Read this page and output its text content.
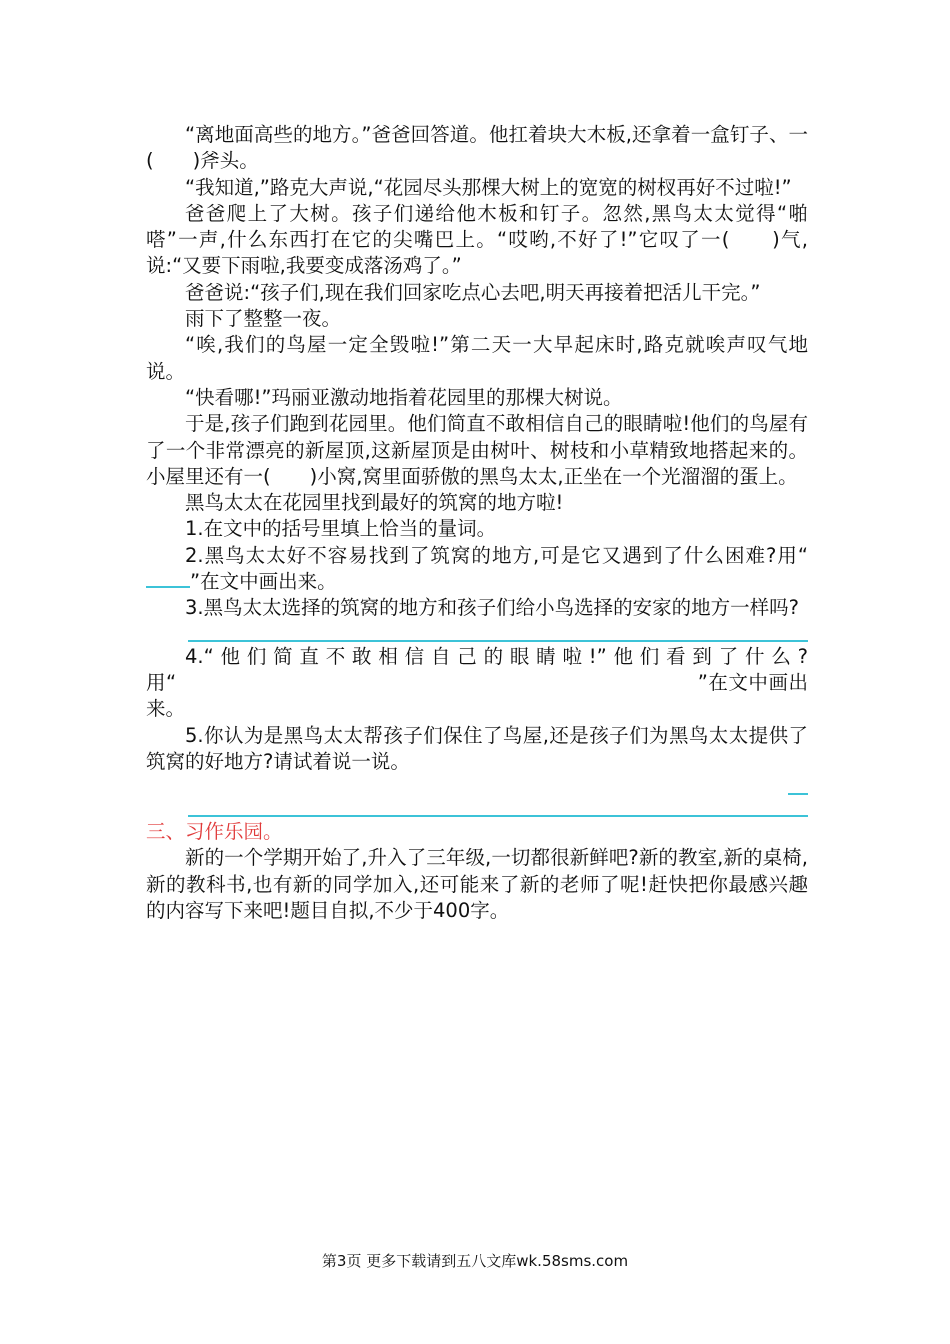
“离地面高些的地方。”爸爸回答道。他扛着块大木板,还拿着一盒钉子、一(　　)斧头。

“我知道,”路克大声说,“花园尽头那棵大树上的宽宽的树杈再好不过啦!”

爸爸爬上了大树。孩子们递给他木板和钉子。忽然,黑鸟太太觉得“啪嗒”一声,什么东西打在它的尖嘴巴上。“哎哟,不好了!”它叹了一(　　)气,说:“又要下雨啦,我要变成落汤鸡了。”

爸爸说:“孩子们,现在我们回家吃点心去吧,明天再接着把活儿干完。”

雨下了整整一夜。

“唉,我们的鸟屋一定全毁啦!”第二天一大早起床时,路克就唉声叹气地说。

“快看哪!”玛丽亚激动地指着花园里的那棵大树说。

于是,孩子们跑到花园里。他们简直不敢相信自己的眼睛啦!他们的鸟屋有了一个非常漂亮的新屋顶,这新屋顶是由树叶、树枝和小草精致地搭起来的。小屋里还有一(　　)小窝,窝里面骄傲的黑鸟太太,正坐在一个光溜溜的蛋上。

黑鸟太太在花园里找到最好的筑窝的地方啦!

1.在文中的括号里填上恰当的量词。

2.黑鸟太太好不容易找到了筑窝的地方,可是它又遇到了什么困难?用“”在文中画出来。

3.黑鸟太太选择的筑窝的地方和孩子们给小鸟选择的安家的地方一样吗?

4.“他们简直不敢相信自己的眼睛啦!”他们看到了什么?用“　　　　　　　　　　　　　　　　　　　　　　　　　　”在文中画出来。

5.你认为是黑鸟太太帮孩子们保住了鸟屋,还是孩子们为黑鸟太太提供了筑窝的好地方?请试着说一说。

三、习作乐园。

新的一个学期开始了,升入了三年级,一切都很新鲜吧?新的教室,新的桌椅,新的教科书,也有新的同学加入,还可能来了新的老师了呢!赶快把你最感兴趣的内容写下来吧!题目自拟,不少于400字。

第3页 更多下载请到五八文库wk.58sms.com
